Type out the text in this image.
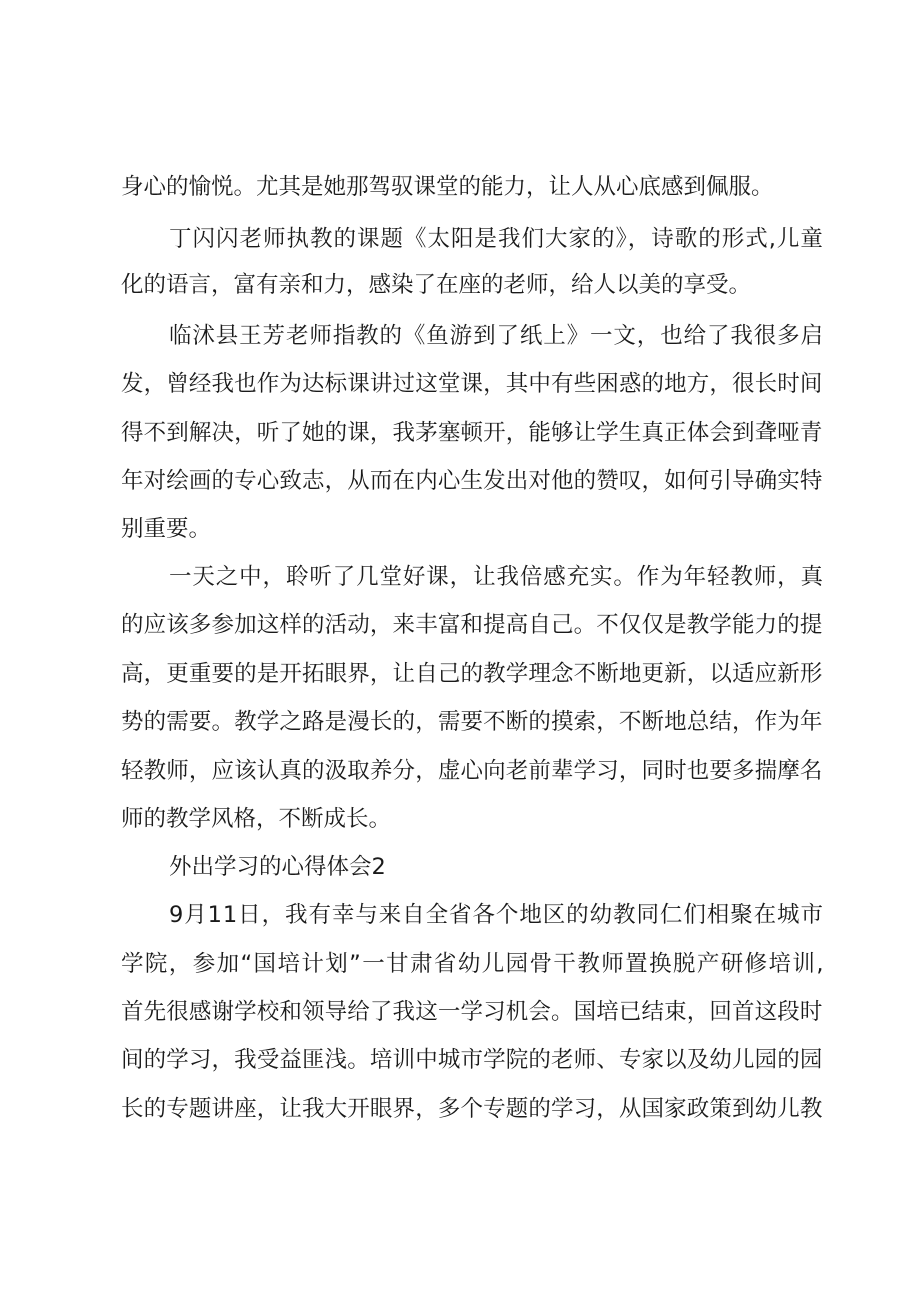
身心的愉悦。尤其是她那驾驭课堂的能力，让人从心底感到佩服。
丁闪闪老师执教的课题《太阳是我们大家的》，诗歌的形式,儿童
化的语言，富有亲和力，感染了在座的老师，给人以美的享受。
临沭县王芳老师指教的《鱼游到了纸上》一文，也给了我很多启
发，曾经我也作为达标课讲过这堂课，其中有些困惑的地方，很长时间
得不到解决，听了她的课，我茅塞顿开，能够让学生真正体会到聋哑青
年对绘画的专心致志，从而在内心生发出对他的赞叹，如何引导确实特
别重要。
一天之中，聆听了几堂好课，让我倍感充实。作为年轻教师，真
的应该多参加这样的活动，来丰富和提高自己。不仅仅是教学能力的提
高，更重要的是开拓眼界，让自己的教学理念不断地更新，以适应新形
势的需要。教学之路是漫长的，需要不断的摸索，不断地总结，作为年
轻教师，应该认真的汲取养分，虚心向老前辈学习，同时也要多揣摩名
师的教学风格，不断成长。
外出学习的心得体会2
9月11日，我有幸与来自全省各个地区的幼教同仁们相聚在城市
学院，参加“国培计划”一甘肃省幼儿园骨干教师置换脱产研修培训,
首先很感谢学校和领导给了我这一学习机会。国培已结束，回首这段时
间的学习，我受益匪浅。培训中城市学院的老师、专家以及幼儿园的园
长的专题讲座，让我大开眼界，多个专题的学习，从国家政策到幼儿教
